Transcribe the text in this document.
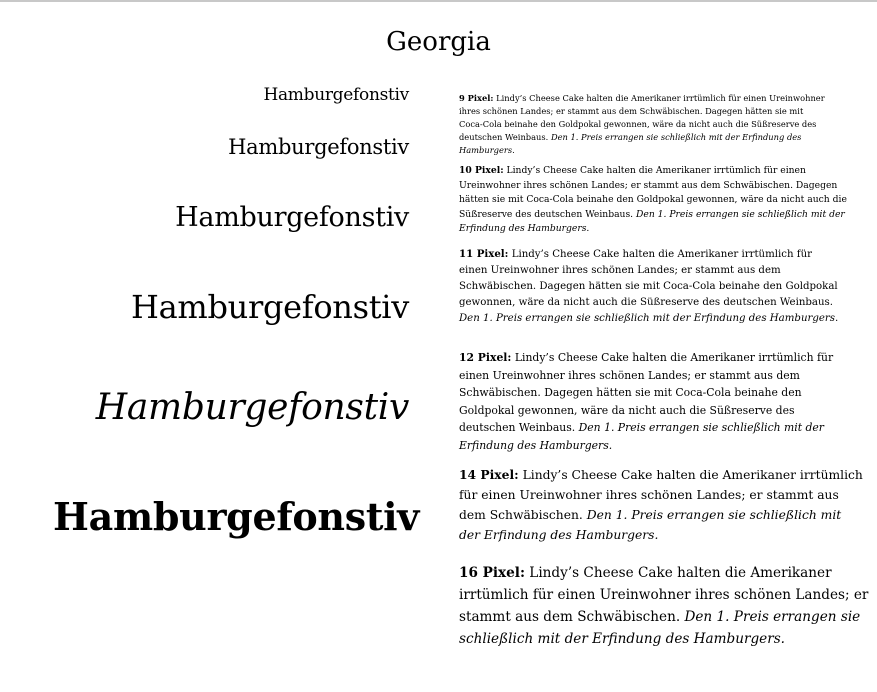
Georgia
Hamburgefonstiv
Hamburgefonstiv
Hamburgefonstiv
Hamburgefonstiv
Hamburgefonstiv
Hamburgefonstiv
9 Pixel: Lindy’s Cheese Cake halten die Amerikaner irrtümlich für einen Ureinwohner ihres schönen Landes; er stammt aus dem Schwäbischen. Dagegen hätten sie mit Coca-Cola beinahe den Goldpokal gewonnen, wäre da nicht auch die Süßreserve des deutschen Weinbaus. Den 1. Preis errangen sie schließlich mit der Erfindung des Hamburgers.
10 Pixel: Lindy’s Cheese Cake halten die Amerikaner irrtümlich für einen Ureinwohner ihres schönen Landes; er stammt aus dem Schwäbischen. Dagegen hätten sie mit Coca-Cola beinahe den Goldpokal gewonnen, wäre da nicht auch die Süßreserve des deutschen Weinbaus. Den 1. Preis errangen sie schließlich mit der Erfindung des Hamburgers.
11 Pixel: Lindy’s Cheese Cake halten die Amerikaner irrtümlich für einen Ureinwohner ihres schönen Landes; er stammt aus dem Schwäbischen. Dagegen hätten sie mit Coca-Cola beinahe den Goldpokal gewonnen, wäre da nicht auch die Süßreserve des deutschen Weinbaus. Den 1. Preis errangen sie schließlich mit der Erfindung des Hamburgers.
12 Pixel: Lindy’s Cheese Cake halten die Amerikaner irrtümlich für einen Ureinwohner ihres schönen Landes; er stammt aus dem Schwäbischen. Dagegen hätten sie mit Coca-Cola beinahe den Goldpokal gewonnen, wäre da nicht auch die Süßreserve des deutschen Weinbaus. Den 1. Preis errangen sie schließlich mit der Erfindung des Hamburgers.
14 Pixel: Lindy’s Cheese Cake halten die Amerikaner irrtümlich für einen Ureinwohner ihres schönen Landes; er stammt aus dem Schwäbischen. Den 1. Preis errangen sie schließlich mit der Erfindung des Hamburgers.
16 Pixel: Lindy’s Cheese Cake halten die Amerikaner irrtümlich für einen Ureinwohner ihres schönen Landes; er stammt aus dem Schwäbischen. Den 1. Preis errangen sie schließlich mit der Erfindung des Hamburgers.
